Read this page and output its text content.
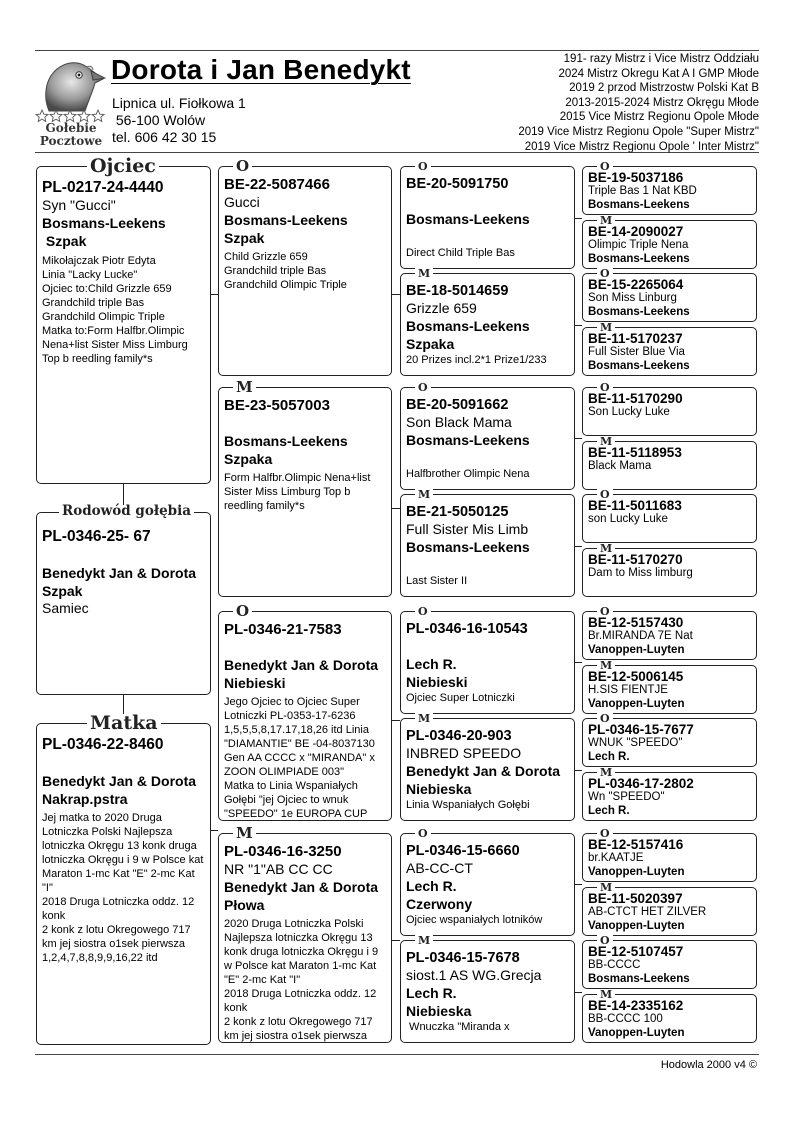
Gołebie
Pocztowe
Dorota i Jan Benedykt
Lipnica ul. Fiołkowa 1
56-100 Wolów
tel. 606 42 30 15
191- razy Mistrz i Vice Mistrz Oddziału
2024 Mistrz Okregu Kat A I GMP Młode
2019 2 przod Mistrzostw Polski Kat B
2013-2015-2024 Mistrz Okręgu Młode
2015 Vice Mistrz Regionu Opole Młode
2019 Vice Mistrz Regionu Opole "Super Mistrz"
2019 Vice Mistrz Regionu Opole ' Inter Mistrz"
Ojciec
PL-0217-24-4440
Syn "Gucci"
Bosmans-Leekens
Szpak
Mikołajczak Piotr Edyta
Linia "Lacky Lucke"
Ojciec to:Child Grizzle 659
Grandchild triple Bas
Grandchild Olimpic Triple
Matka to:Form Halfbr.Olimpic Nena+list Sister Miss Limburg Top b reedling family*s
Rodowód gołębia
PL-0346-25- 67
Benedykt Jan & Dorota
Szpak
Samiec
Matka
PL-0346-22-8460
Benedykt Jan & Dorota
Nakrap.pstra
Jej matka to 2020 Druga Lotniczka Polski Najlepsza lotniczka Okręgu 13 konk druga lotniczka Okręgu i 9 w Polsce kat Maraton 1-mc Kat "E" 2-mc Kat "I"
2018 Druga Lotniczka oddz. 12 konk
2 konk z lotu Okregowego 717 km jej siostra o1sek pierwsza 1,2,4,7,8,8,9,9,16,22 itd
O
BE-22-5087466
Gucci
Bosmans-Leekens
Szpak
Child Grizzle 659
Grandchild triple Bas
Grandchild Olimpic Triple
M
BE-23-5057003
Bosmans-Leekens
Szpaka
Form Halfbr.Olimpic Nena+list Sister Miss Limburg Top b reedling family*s
O
PL-0346-21-7583
Benedykt Jan & Dorota
Niebieski
Jego Ojciec to Ojciec Super Lotniczki PL-0353-17-6236 1,5,5,5,8,17.17,18,26 itd Linia "DIAMANTIE" BE -04-8037130 Gen AA CCCC x "MIRANDA" x ZOON OLIMPIADE 003"
Matka to Linia Wspaniałych Gołębi "jej Ojciec to wnuk "SPEEDO" 1e EUROPA CUP
M
PL-0346-16-3250
NR "1"AB CC CC
Benedykt Jan & Dorota
Płowa
2020 Druga Lotniczka Polski Najlepsza lotniczka Okręgu 13 konk druga lotniczka Okręgu i 9 w Polsce kat Maraton 1-mc Kat "E" 2-mc Kat "I"
2018 Druga Lotniczka oddz. 12 konk
2 konk z lotu Okregowego 717 km jej siostra o1sek pierwsza
O
BE-20-5091750
Bosmans-Leekens
Direct Child Triple Bas
M
BE-18-5014659
Grizzle 659
Bosmans-Leekens
Szpaka
20 Prizes incl.2*1 Prize1/233
O
BE-20-5091662
Son Black Mama
Bosmans-Leekens
Halfbrother Olimpic Nena
M
BE-21-5050125
Full Sister Mis Limb
Bosmans-Leekens
Last Sister II
O
PL-0346-16-10543
Lech R.
Niebieski
Ojciec Super Lotniczki
M
PL-0346-20-903
INBRED SPEEDO
Benedykt Jan & Dorota
Niebieska
Linia Wspaniałych Gołębi
O
PL-0346-15-6660
AB-CC-CT
Lech R.
Czerwony
Ojciec wspaniałych lotników
M
PL-0346-15-7678
siost.1 AS WG.Grecja
Lech R.
Niebieska
Wnuczka "Miranda x
O
BE-19-5037186
Triple Bas 1 Nat KBD
Bosmans-Leekens
M
BE-14-2090027
Olimpic Triple Nena
Bosmans-Leekens
O
BE-15-2265064
Son Miss Linburg
Bosmans-Leekens
M
BE-11-5170237
Full Sister Blue Via
Bosmans-Leekens
O
BE-11-5170290
Son Lucky Luke
M
BE-11-5118953
Black Mama
O
BE-11-5011683
son Lucky Luke
M
BE-11-5170270
Dam to Miss limburg
O
BE-12-5157430
Br.MIRANDA 7E Nat
Vanoppen-Luyten
M
BE-12-5006145
H.SIS FIENTJE
Vanoppen-Luyten
O
PL-0346-15-7677
WNUK "SPEEDO"
Lech R.
M
PL-0346-17-2802
Wn "SPEEDO"
Lech R.
O
BE-12-5157416
br.KAATJE
Vanoppen-Luyten
M
BE-11-5020397
AB-CTCT HET ZILVER
Vanoppen-Luyten
O
BE-12-5107457
BB-CCCC
Bosmans-Leekens
M
BE-14-2335162
BB-CCCC 100
Vanoppen-Luyten
Hodowla 2000 v4 ©
